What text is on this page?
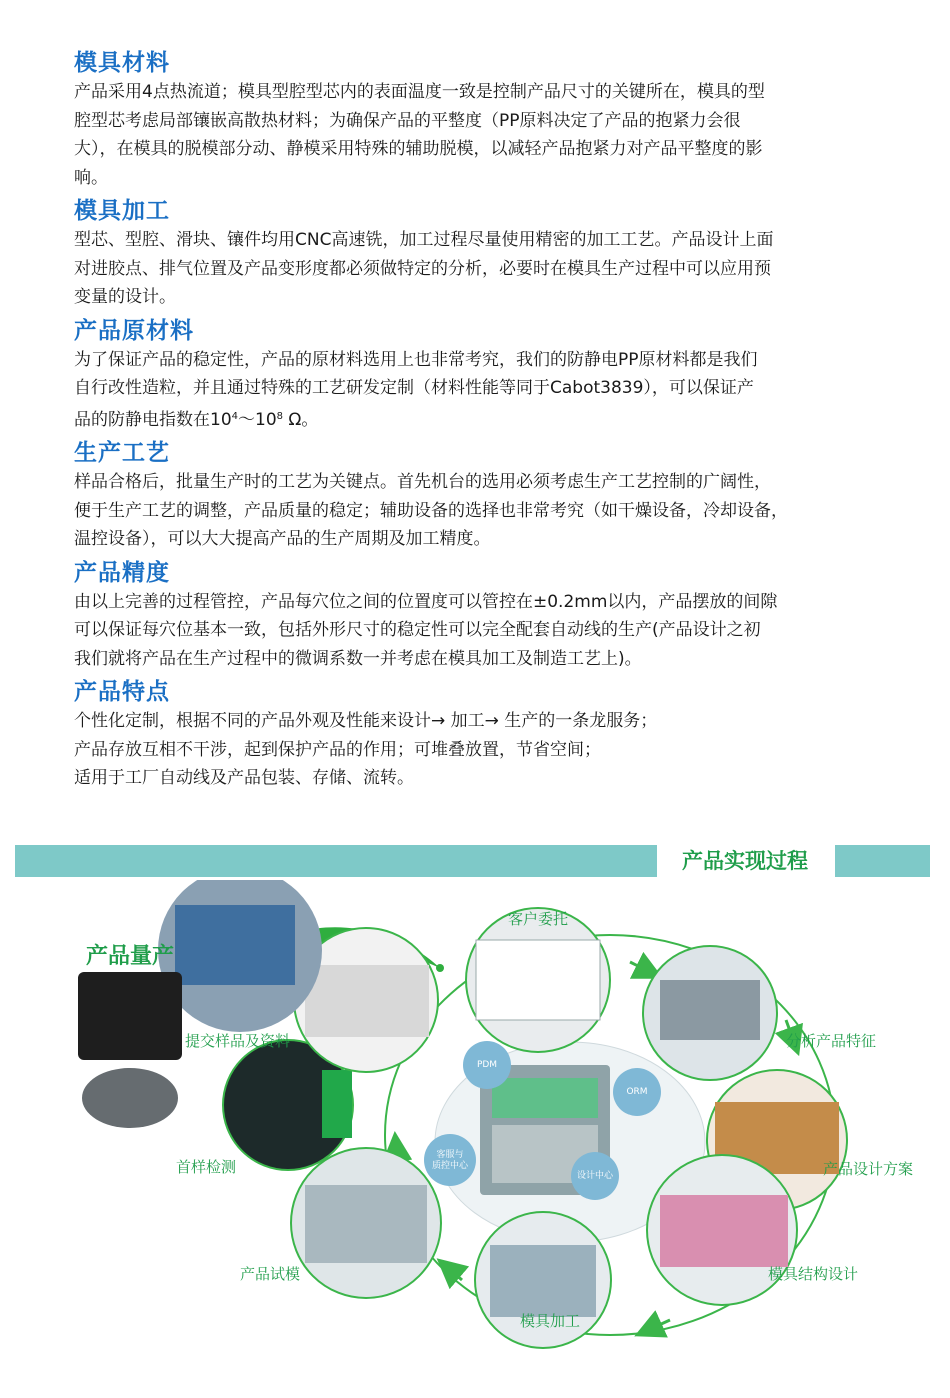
模具材料

产品采用4点热流道；模具型腔型芯内的表面温度一致是控制产品尺寸的关键所在，模具的型
腔型芯考虑局部镶嵌高散热材料；为确保产品的平整度（PP原料决定了产品的抱紧力会很
大），在模具的脱模部分动、静模采用特殊的辅助脱模，以减轻产品抱紧力对产品平整度的影
响。

模具加工

型芯、型腔、滑块、镶件均用CNC高速铣，加工过程尽量使用精密的加工工艺。产品设计上面
对进胶点、排气位置及产品变形度都必须做特定的分析，必要时在模具生产过程中可以应用预
变量的设计。

产品原材料

为了保证产品的稳定性，产品的原材料选用上也非常考究，我们的防静电PP原材料都是我们
自行改性造粒，并且通过特殊的工艺研发定制（材料性能等同于Cabot3839），可以保证产
品的防静电指数在$10^4\sim 10^8$ Ω。

生产工艺

样品合格后，批量生产时的工艺为关键点。首先机台的选用必须考虑生产工艺控制的广阔性，
便于生产工艺的调整，产品质量的稳定；辅助设备的选择也非常考究（如干燥设备，冷却设备，
温控设备），可以大大提高产品的生产周期及加工精度。

产品精度

由以上完善的过程管控，产品每穴位之间的位置度可以管控在±0.2mm以内，产品摆放的间隙
可以保证每穴位基本一致，包括外形尺寸的稳定性可以完全配套自动线的生产(产品设计之初
我们就将产品在生产过程中的微调系数一并考虑在模具加工及制造工艺上)。

产品特点

个性化定制，根据不同的产品外观及性能来设计→ 加工→ 生产的一条龙服务；
产品存放互相不干涉，起到保护产品的作用；可堆叠放置，节省空间；
适用于工厂自动线及产品包装、存储、流转。

产品实现过程
产品量产
客户委托
分析产品特征
产品设计方案
模具结构设计
模具加工
产品试模
首样检测
提交样品及资料
PDM
ORM
客服与
质控中心
设计中心
